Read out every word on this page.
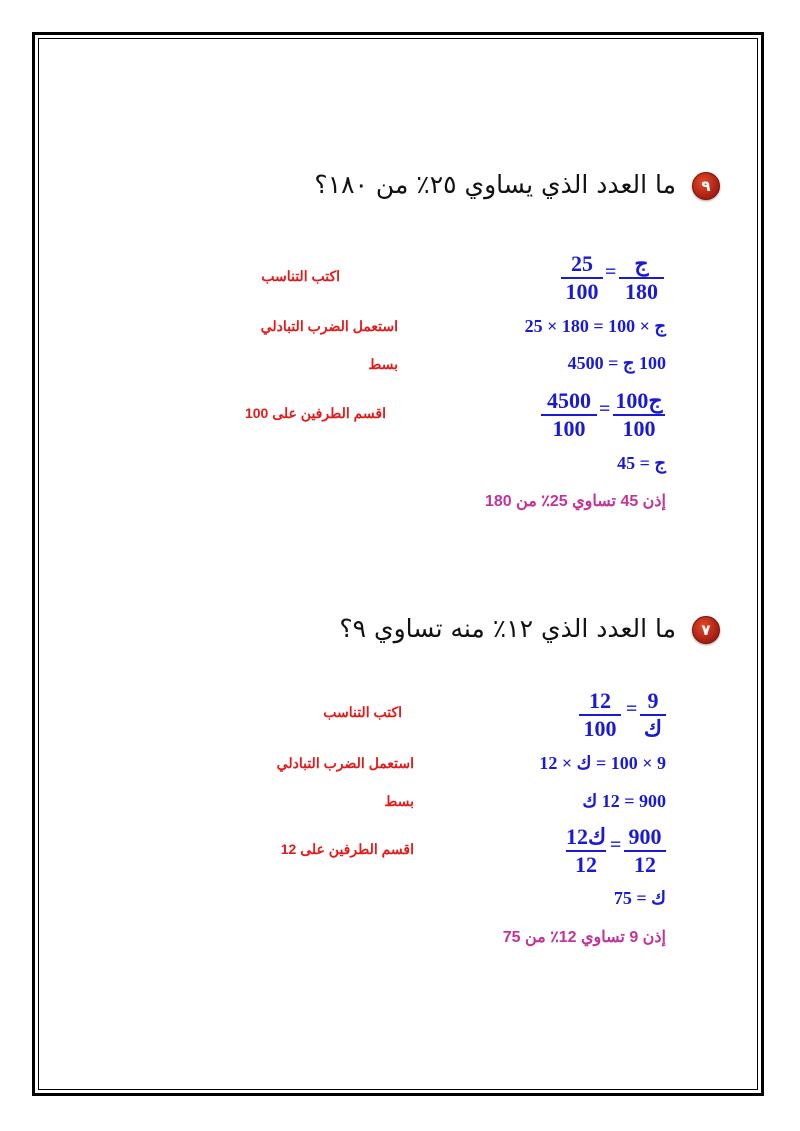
٩ ما العدد الذي يساوي ٢٥٪ من ١٨٠؟
ج
180
=
25
100
اكتب التناسب
ج × 100 = 180 × 25
استعمل الضرب التبادلي
100 ج = 4500
بسط
100ج
100
=
4500
100
اقسم الطرفين على 100
ج = 45
إذن 45 تساوي 25٪ من 180
٧ ما العدد الذي ١٢٪ منه تساوي ٩؟
9
ك
=
12
100
اكتب التناسب
9 × 100 = ك × 12
استعمل الضرب التبادلي
900 = 12 ك
بسط
900
12
=
12ك
12
اقسم الطرفين على 12
ك = 75
إذن 9 تساوي 12٪ من 75
